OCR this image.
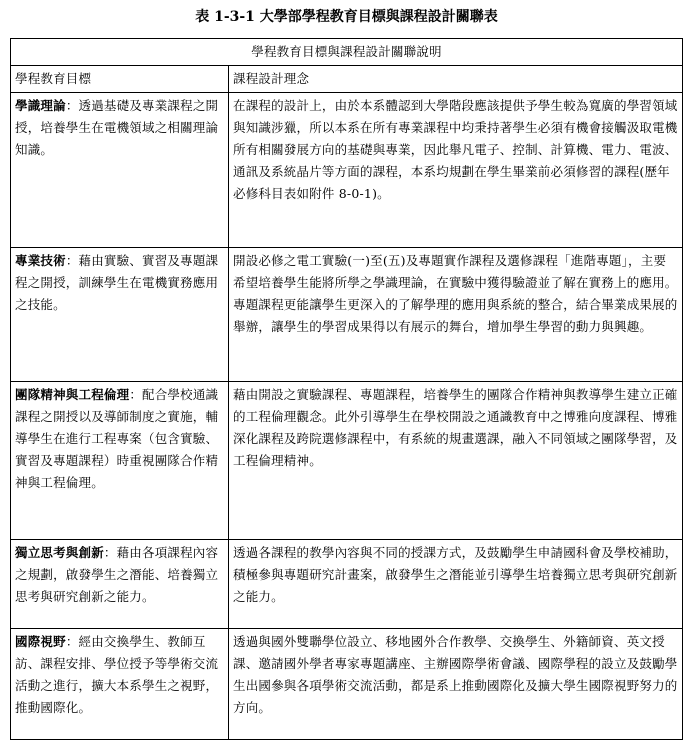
表 1-3-1 大學部學程教育目標與課程設計關聯表
學程教育目標與課程設計關聯說明	
學程教育目標	課程設計理念
學識理論：透過基礎及專業課程之開授，培養學生在電機領域之相關理論知識。	在課程的設計上，由於本系體認到大學階段應該提供予學生較為寬廣的學習領域與知識涉獵，所以本系在所有專業課程中均秉持著學生必須有機會接觸汲取電機所有相關發展方向的基礎與專業，因此舉凡電子、控制、計算機、電力、電波、通訊及系統晶片等方面的課程，本系均規劃在學生畢業前必須修習的課程(歷年必修科目表如附件 8-0-1)。
專業技術：藉由實驗、實習及專題課程之開授，訓練學生在電機實務應用之技能。	開設必修之電工實驗(一)至(五)及專題實作課程及選修課程「進階專題」，主要希望培養學生能將所學之學識理論，在實驗中獲得驗證並了解在實務上的應用。專題課程更能讓學生更深入的了解學理的應用與系統的整合，結合畢業成果展的舉辦，讓學生的學習成果得以有展示的舞台，增加學生學習的動力與興趣。
團隊精神與工程倫理：配合學校通識課程之開授以及導師制度之實施，輔導學生在進行工程專案（包含實驗、實習及專題課程）時重視團隊合作精神與工程倫理。	藉由開設之實驗課程、專題課程，培養學生的團隊合作精神與教導學生建立正確的工程倫理觀念。此外引導學生在學校開設之通識教育中之博雅向度課程、博雅深化課程及跨院選修課程中，有系統的規畫選課，融入不同領域之團隊學習，及工程倫理精神。
獨立思考與創新：藉由各項課程內容之規劃，啟發學生之潛能、培養獨立思考與研究創新之能力。	透過各課程的教學內容與不同的授課方式，及鼓勵學生申請國科會及學校補助，積極參與專題研究計畫案，啟發學生之潛能並引導學生培養獨立思考與研究創新之能力。
國際視野：經由交換學生、教師互訪、課程安排、學位授予等學術交流活動之進行，擴大本系學生之視野，推動國際化。	透過與國外雙聯學位設立、移地國外合作教學、交換學生、外籍師資、英文授課、邀請國外學者專家專題講座、主辦國際學術會議、國際學程的設立及鼓勵學生出國參與各項學術交流活動，都是系上推動國際化及擴大學生國際視野努力的方向。
